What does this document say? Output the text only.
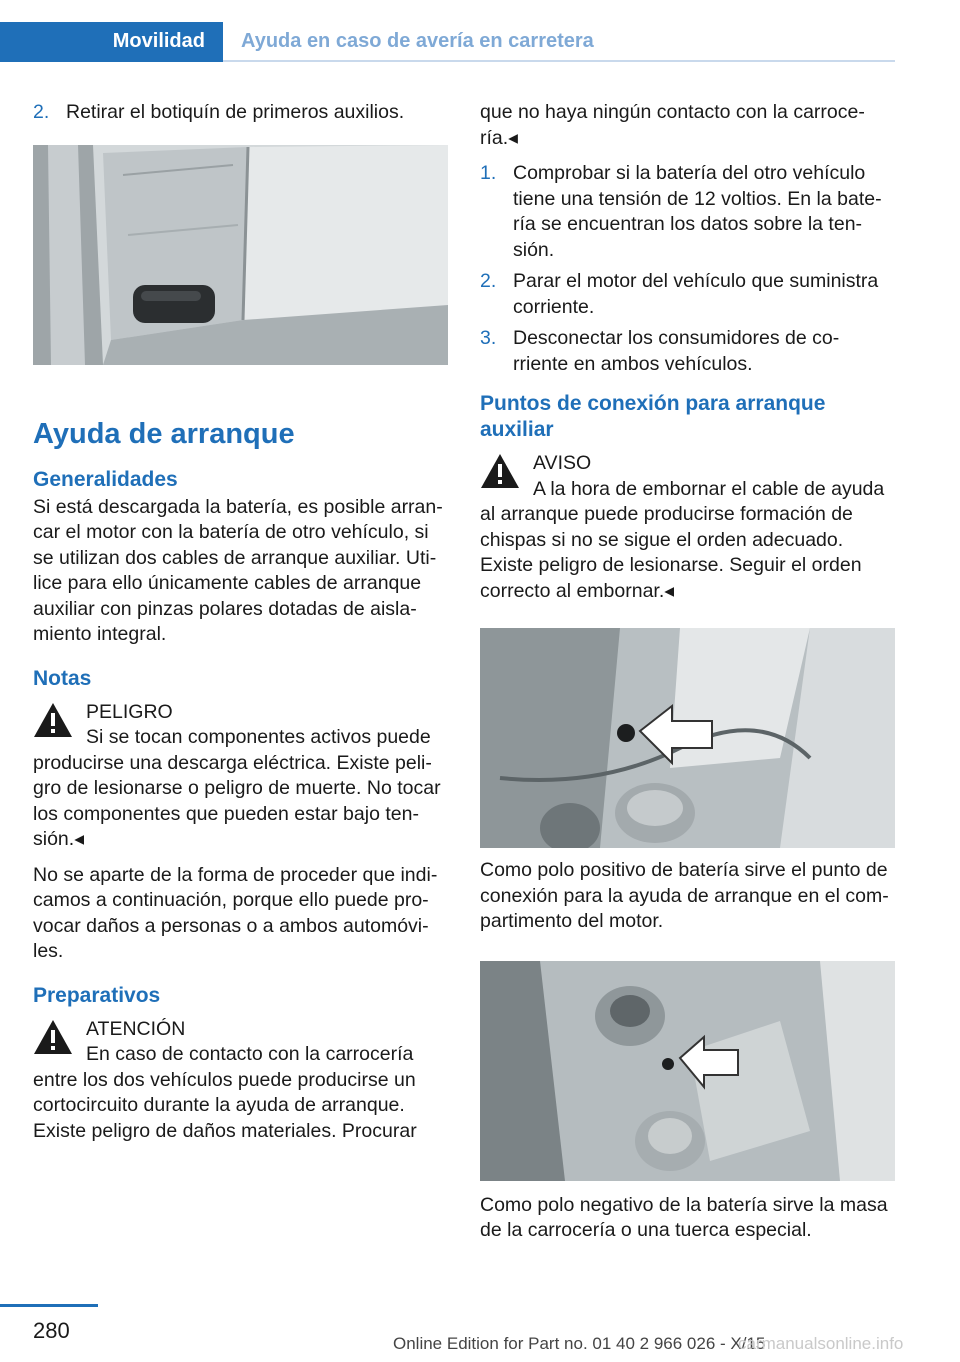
Movilidad Ayuda en caso de avería en carretera
2. Retirar el botiquín de primeros auxilios.
Ayuda de arranque
Generalidades

Si está descargada la batería, es posible arran‐ car el motor con la batería de otro vehículo, si se utilizan dos cables de arranque auxiliar. Uti‐ lice para ello únicamente cables de arranque auxiliar con pinzas polares dotadas de aisla‐ miento integral.

Notas
PELIGRO

Si se tocan componentes activos puede

producirse una descarga eléctrica. Existe peli‐ gro de lesionarse o peligro de muerte. No tocar los componentes que pueden estar bajo ten‐ sión.◂

No se aparte de la forma de proceder que indi‐ camos a continuación, porque ello puede pro‐ vocar daños a personas o a ambos automóvi‐ les.

Preparativos
ATENCIÓN

En caso de contacto con la carrocería

entre los dos vehículos puede producirse un cortocircuito durante la ayuda de arranque. Existe peligro de daños materiales. Procurar

que no haya ningún contacto con la carroce‐ ría.◂

1. Comprobar si la batería del otro vehículo tiene una tensión de 12 voltios. En la bate‐ ría se encuentran los datos sobre la ten‐ sión.
2. Parar el motor del vehículo que suministra corriente.
3. Desconectar los consumidores de co‐ rriente en ambos vehículos.
Puntos de conexión para arranque auxiliar
AVISO

A la hora de embornar el cable de ayuda

al arranque puede producirse formación de chispas si no se sigue el orden adecuado. Existe peligro de lesionarse. Seguir el orden correcto al embornar.◂

Como polo positivo de batería sirve el punto de conexión para la ayuda de arranque en el com‐ partimento del motor.

Como polo negativo de la batería sirve la masa de la carrocería o una tuerca especial.

280
Online Edition for Part no. 01 40 2 966 026 - X/15
carmanualsonline.info
